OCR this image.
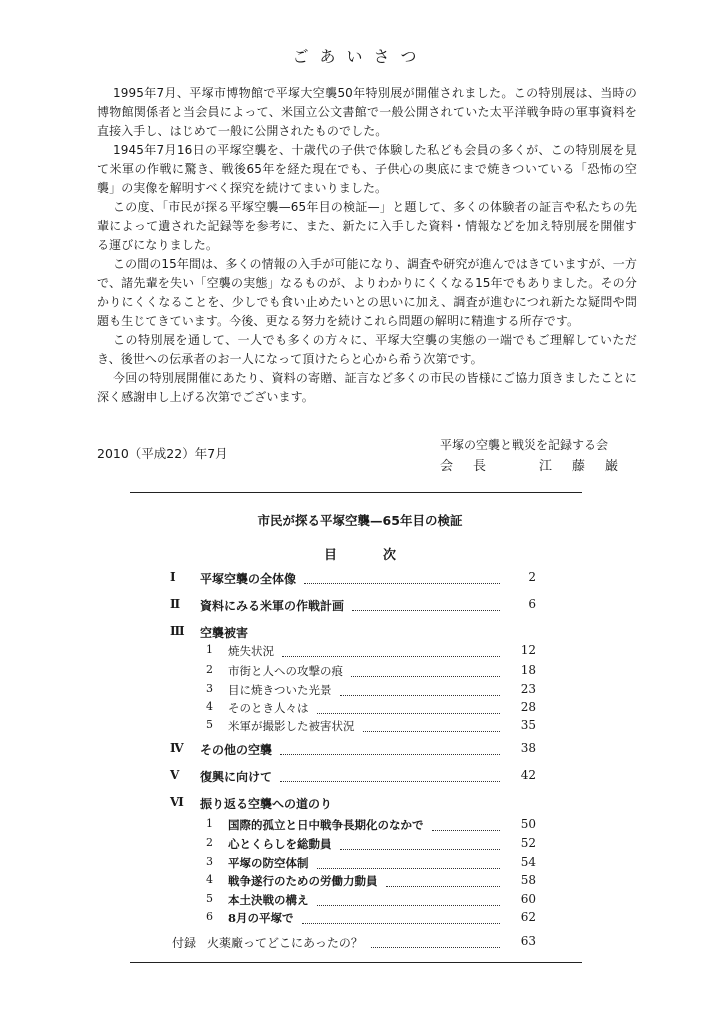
ごあいさつ

1995年7月、平塚市博物館で平塚大空襲50年特別展が開催されました。この特別展は、当時の博物館関係者と当会員によって、米国立公文書館で一般公開されていた太平洋戦争時の軍事資料を直接入手し、はじめて一般に公開されたものでした。

1945年7月16日の平塚空襲を、十歳代の子供で体験した私ども会員の多くが、この特別展を見て米軍の作戦に驚き、戦後65年を経た現在でも、子供心の奥底にまで焼きついている「恐怖の空襲」の実像を解明すべく探究を続けてまいりました。

この度、「市民が探る平塚空襲—65年目の検証—」と題して、多くの体験者の証言や私たちの先輩によって遺された記録等を参考に、また、新たに入手した資料・情報などを加え特別展を開催する運びになりました。

この間の15年間は、多くの情報の入手が可能になり、調査や研究が進んではきていますが、一方で、諸先輩を失い「空襲の実態」なるものが、よりわかりにくくなる15年でもありました。その分かりにくくなることを、少しでも食い止めたいとの思いに加え、調査が進むにつれ新たな疑問や問題も生じてきています。今後、更なる努力を続けこれら問題の解明に精進する所存です。

この特別展を通して、一人でも多くの方々に、平塚大空襲の実態の一端でもご理解していただき、後世への伝承者のお一人になって頂けたらと心から希う次第です。

今回の特別展開催にあたり、資料の寄贈、証言など多くの市民の皆様にご協力頂きましたことに深く感謝申し上げる次第でございます。

2010（平成22）年7月
平塚の空襲と戦災を記録する会
会長　江藤巌
市民が探る平塚空襲—65年目の検証
目次
Ⅰ 平塚空襲の全体像	2
Ⅱ 資料にみる米軍の作戦計画	6
Ⅲ 空襲被害
1 焼失状況	12
2 市街と人への攻撃の痕	18
3 目に焼きついた光景	23
4 そのとき人々は	28
5 米軍が撮影した被害状況	35
Ⅳ その他の空襲	38
Ⅴ 復興に向けて	42
Ⅵ 振り返る空襲への道のり
1 国際的孤立と日中戦争長期化のなかで	50
2 心とくらしを総動員	52
3 平塚の防空体制	54
4 戦争遂行のための労働力動員	58
5 本土決戦の構え	60
6 8月の平塚で	62
付録 火薬廠ってどこにあったの？	63
